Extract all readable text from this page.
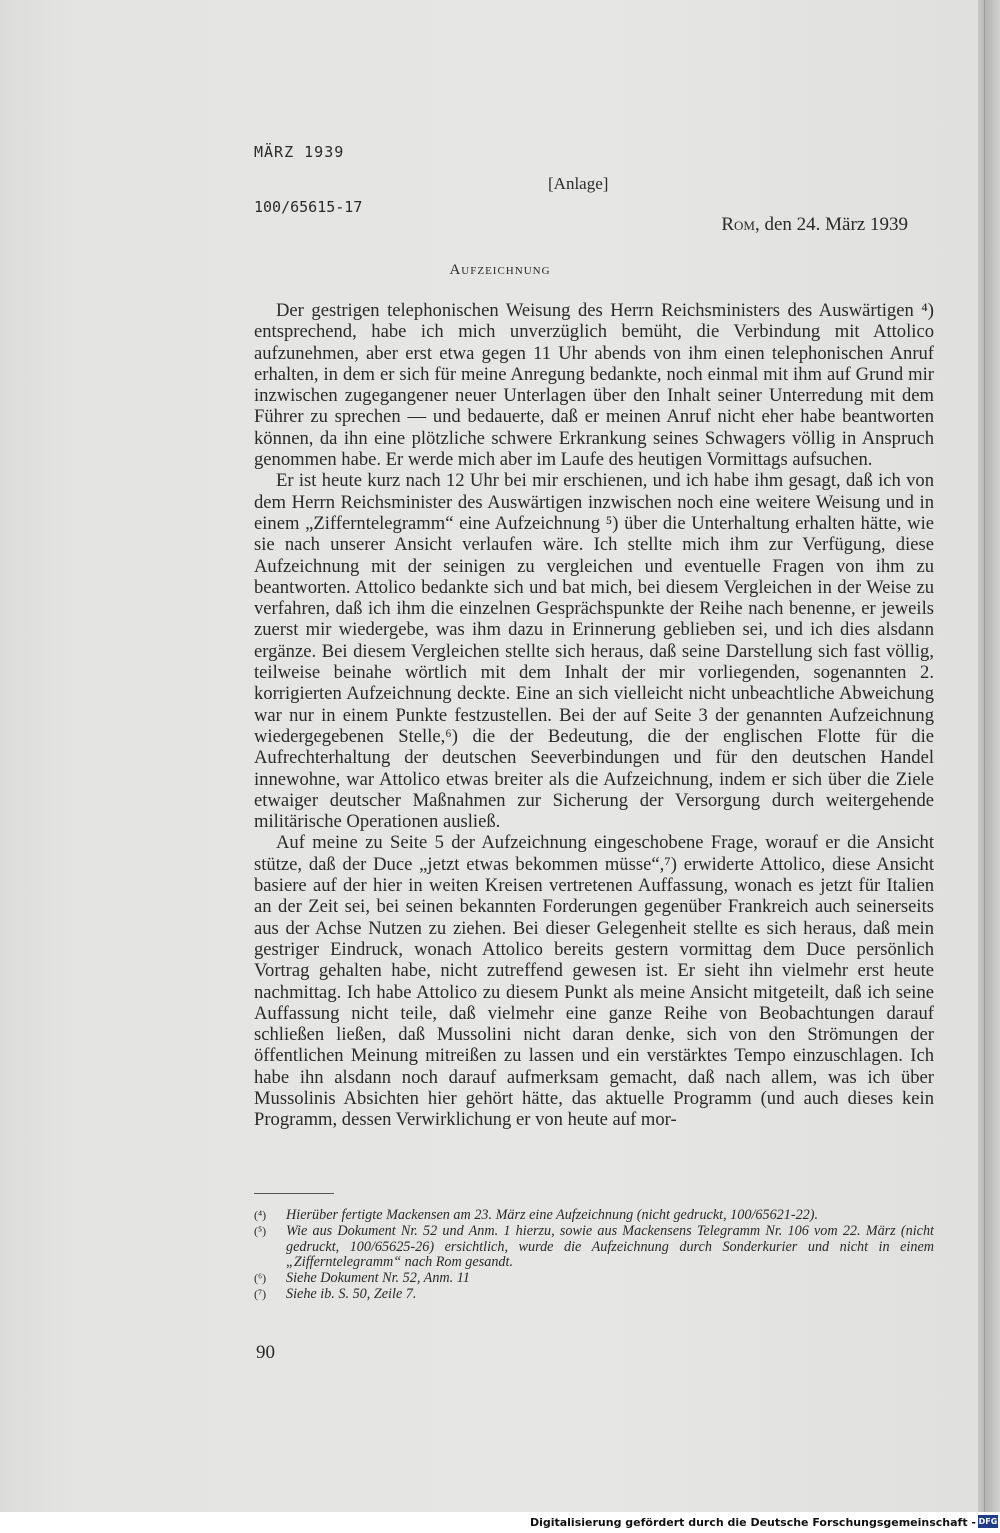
MÄRZ 1939
[Anlage]
100/65615-17
Rom, den 24. März 1939
Aufzeichnung

Der gestrigen telephonischen Weisung des Herrn Reichsministers des Auswärtigen ⁴) entsprechend, habe ich mich unverzüglich bemüht, die Verbindung mit Attolico aufzunehmen, aber erst etwa gegen 11 Uhr abends von ihm einen telephonischen Anruf erhalten, in dem er sich für meine Anregung bedankte, noch einmal mit ihm auf Grund mir inzwischen zugegangener neuer Unterlagen über den Inhalt seiner Unterredung mit dem Führer zu sprechen — und bedauerte, daß er meinen Anruf nicht eher habe beantworten können, da ihn eine plötzliche schwere Erkrankung seines Schwagers völlig in Anspruch genommen habe. Er werde mich aber im Laufe des heutigen Vormittags aufsuchen.

Er ist heute kurz nach 12 Uhr bei mir erschienen, und ich habe ihm gesagt, daß ich von dem Herrn Reichsminister des Auswärtigen inzwischen noch eine weitere Weisung und in einem „Zifferntelegramm“ eine Aufzeichnung ⁵) über die Unterhaltung erhalten hätte, wie sie nach unserer Ansicht verlaufen wäre. Ich stellte mich ihm zur Verfügung, diese Aufzeichnung mit der seinigen zu vergleichen und eventuelle Fragen von ihm zu beantworten. Attolico bedankte sich und bat mich, bei diesem Vergleichen in der Weise zu verfahren, daß ich ihm die einzelnen Gesprächspunkte der Reihe nach benenne, er jeweils zuerst mir wiedergebe, was ihm dazu in Erinnerung geblieben sei, und ich dies alsdann ergänze. Bei diesem Vergleichen stellte sich heraus, daß seine Darstellung sich fast völlig, teilweise beinahe wörtlich mit dem Inhalt der mir vorliegenden, sogenannten 2. korrigierten Aufzeichnung deckte. Eine an sich vielleicht nicht unbeachtliche Abweichung war nur in einem Punkte festzustellen. Bei der auf Seite 3 der genannten Aufzeichnung wiedergegebenen Stelle,⁶) die der Bedeutung, die der englischen Flotte für die Aufrechterhaltung der deutschen Seeverbindungen und für den deutschen Handel innewohne, war Attolico etwas breiter als die Aufzeichnung, indem er sich über die Ziele etwaiger deutscher Maßnahmen zur Sicherung der Versorgung durch weitergehende militärische Operationen ausließ.

Auf meine zu Seite 5 der Aufzeichnung eingeschobene Frage, worauf er die Ansicht stütze, daß der Duce „jetzt etwas bekommen müsse“,⁷) erwiderte Attolico, diese Ansicht basiere auf der hier in weiten Kreisen vertretenen Auffassung, wonach es jetzt für Italien an der Zeit sei, bei seinen bekannten Forderungen gegenüber Frankreich auch seinerseits aus der Achse Nutzen zu ziehen. Bei dieser Gelegenheit stellte es sich heraus, daß mein gestriger Eindruck, wonach Attolico bereits gestern vormittag dem Duce persönlich Vortrag gehalten habe, nicht zutreffend gewesen ist. Er sieht ihn vielmehr erst heute nachmittag. Ich habe Attolico zu diesem Punkt als meine Ansicht mitgeteilt, daß ich seine Auffassung nicht teile, daß vielmehr eine ganze Reihe von Beobachtungen darauf schließen ließen, daß Mussolini nicht daran denke, sich von den Strömungen der öffentlichen Meinung mitreißen zu lassen und ein verstärktes Tempo einzuschlagen. Ich habe ihn alsdann noch darauf aufmerksam gemacht, daß nach allem, was ich über Mussolinis Absichten hier gehört hätte, das aktuelle Programm (und auch dieses kein Programm, dessen Verwirklichung er von heute auf mor-

(⁴)	Hierüber fertigte Mackensen am 23. März eine Aufzeichnung (nicht gedruckt, 100/65621-22).
(⁵)	Wie aus Dokument Nr. 52 und Anm. 1 hierzu, sowie aus Mackensens Telegramm Nr. 106 vom 22. März (nicht gedruckt, 100/65625-26) ersichtlich, wurde die Aufzeichnung durch Sonderkurier und nicht in einem „Zifferntelegramm“ nach Rom gesandt.
(⁶)	Siehe Dokument Nr. 52, Anm. 11
(⁷)	Siehe ib. S. 50, Zeile 7.
90
Digitalisierung gefördert durch die Deutsche Forschungsgemeinschaft - DFG
